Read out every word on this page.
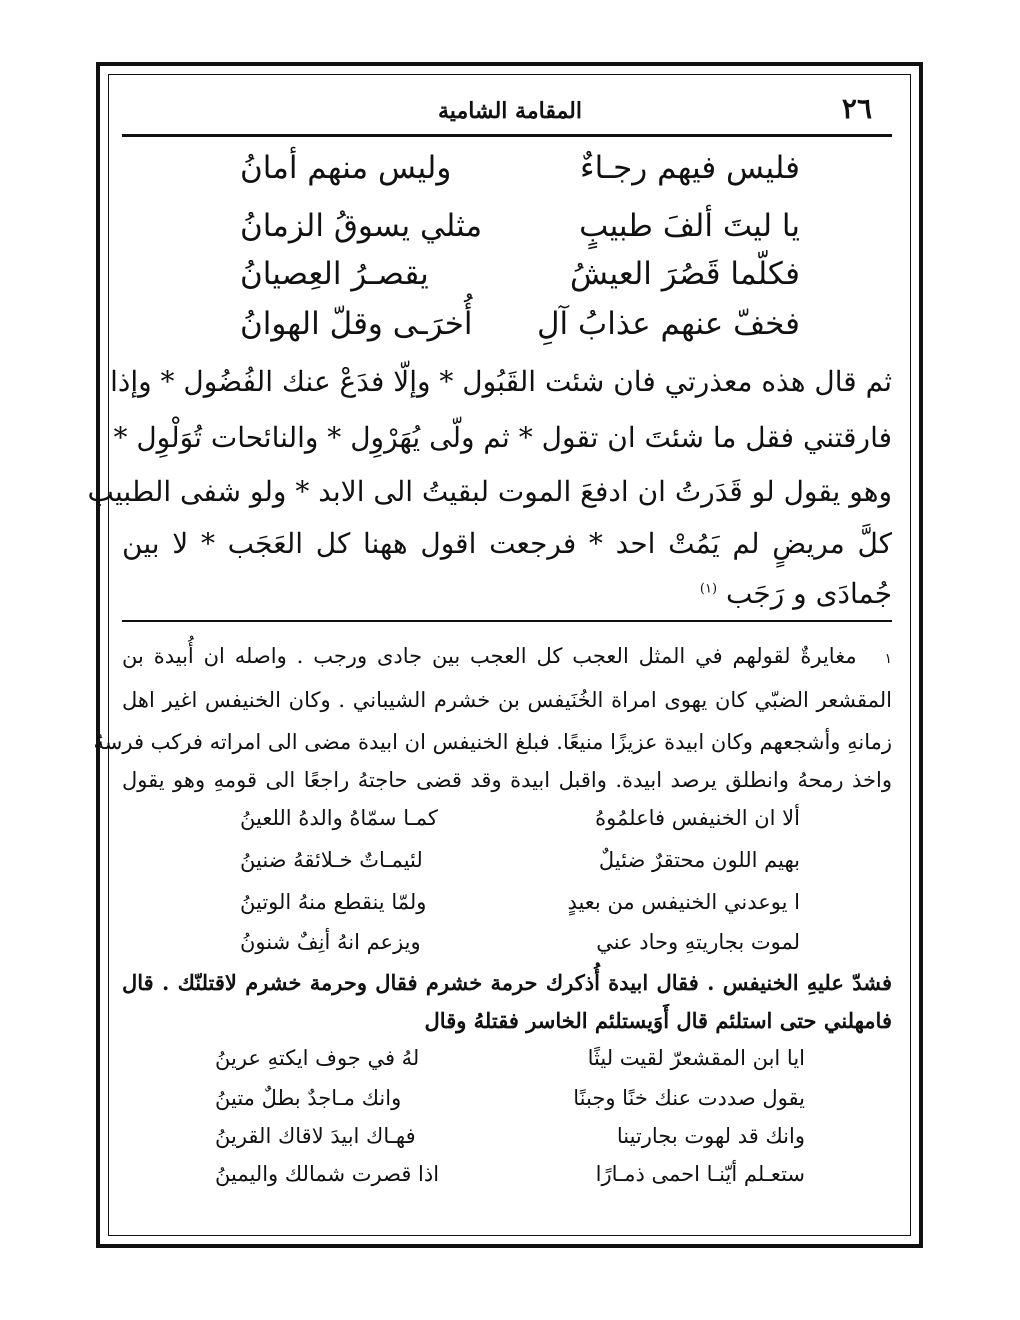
٢٦
المقامة الشامية
فليس فيهم رجـاءٌ
وليس منهم أمانُ
يا ليتَ ألفَ طبيبٍ
مثلي يسوقُ الزمانُ
فكلّما قَصُرَ العيشُ
يقصـرُ العِصيانُ
فخفّ عنهم عذابُ آلِ
أُخرَـى وقلّ الهوانُ
ثم قال هذه معذرتي فان شئت القَبُول * وإلّا فدَعْ عنك الفُضُول * وإذا
فارقتني فقل ما شئتَ ان تقول * ثم ولّى يُهَرْوِل * والنائحات تُوَلْوِل *
وهو يقول لو قَدَرتُ ان ادفعَ الموت لبقيتُ الى الابد * ولو شفى الطبيب
كلَّ مريضٍ لم يَمُتْ احد * فرجعت اقول ههنا كل العَجَب * لا بين
جُمادَى و رَجَب $^{(١)}$
١ مغايرةٌ لقولهم في المثل العجب كل العجب بين جادى ورجب . واصله ان أُبيدة بن
المقشعر الضبّي كان يهوى امراة الخُنَيفس بن خشرم الشيباني . وكان الخنيفس اغير اهل
زمانهِ وأشجعهم وكان ابيدة عزيزًا منيعًا. فبلغ الخنيفس ان ابيدة مضى الى امراته فركب فرسهُ
واخذ رمحهُ وانطلق يرصد ابيدة. واقبل ابيدة وقد قضى حاجتهُ راجعًا الى قومهِ وهو يقول
ألا ان الخنيفس فاعلمُوهُ
كمـا سمّاهُ والدهُ اللعينُ
بهيم اللون محتقرٌ ضئيلٌ
لئيمـاتٌ خـلائقهُ ضنينُ
ا يوعدني الخنيفس من بعيدٍ
ولمّا ينقطع منهُ الوتينُ
لموت بجاريتهِ وحاد عني
ويزعم انهُ أنِفٌ شنونُ
فشدّ عليهِ الخنيفس . فقال ابيدة أُذكرك حرمة خشرم فقال وحرمة خشرم لاقتلنّك . قال
فامهلني حتى استلئم قال أَوَيستلئم الخاسر فقتلهُ وقال
ايا ابن المقشعرّ لقيت ليثًا
لهُ في جوف ايكتهِ عرينُ
يقول صددت عنك خنًا وجبنًا
وانك مـاجدٌ بطلٌ متينُ
وانك قد لهوت بجارتينا
فهـاك ابيدَ لاقاك القرينُ
ستعـلم أيّنـا احمى ذمـارًا
اذا قصرت شمالك واليمينُ
